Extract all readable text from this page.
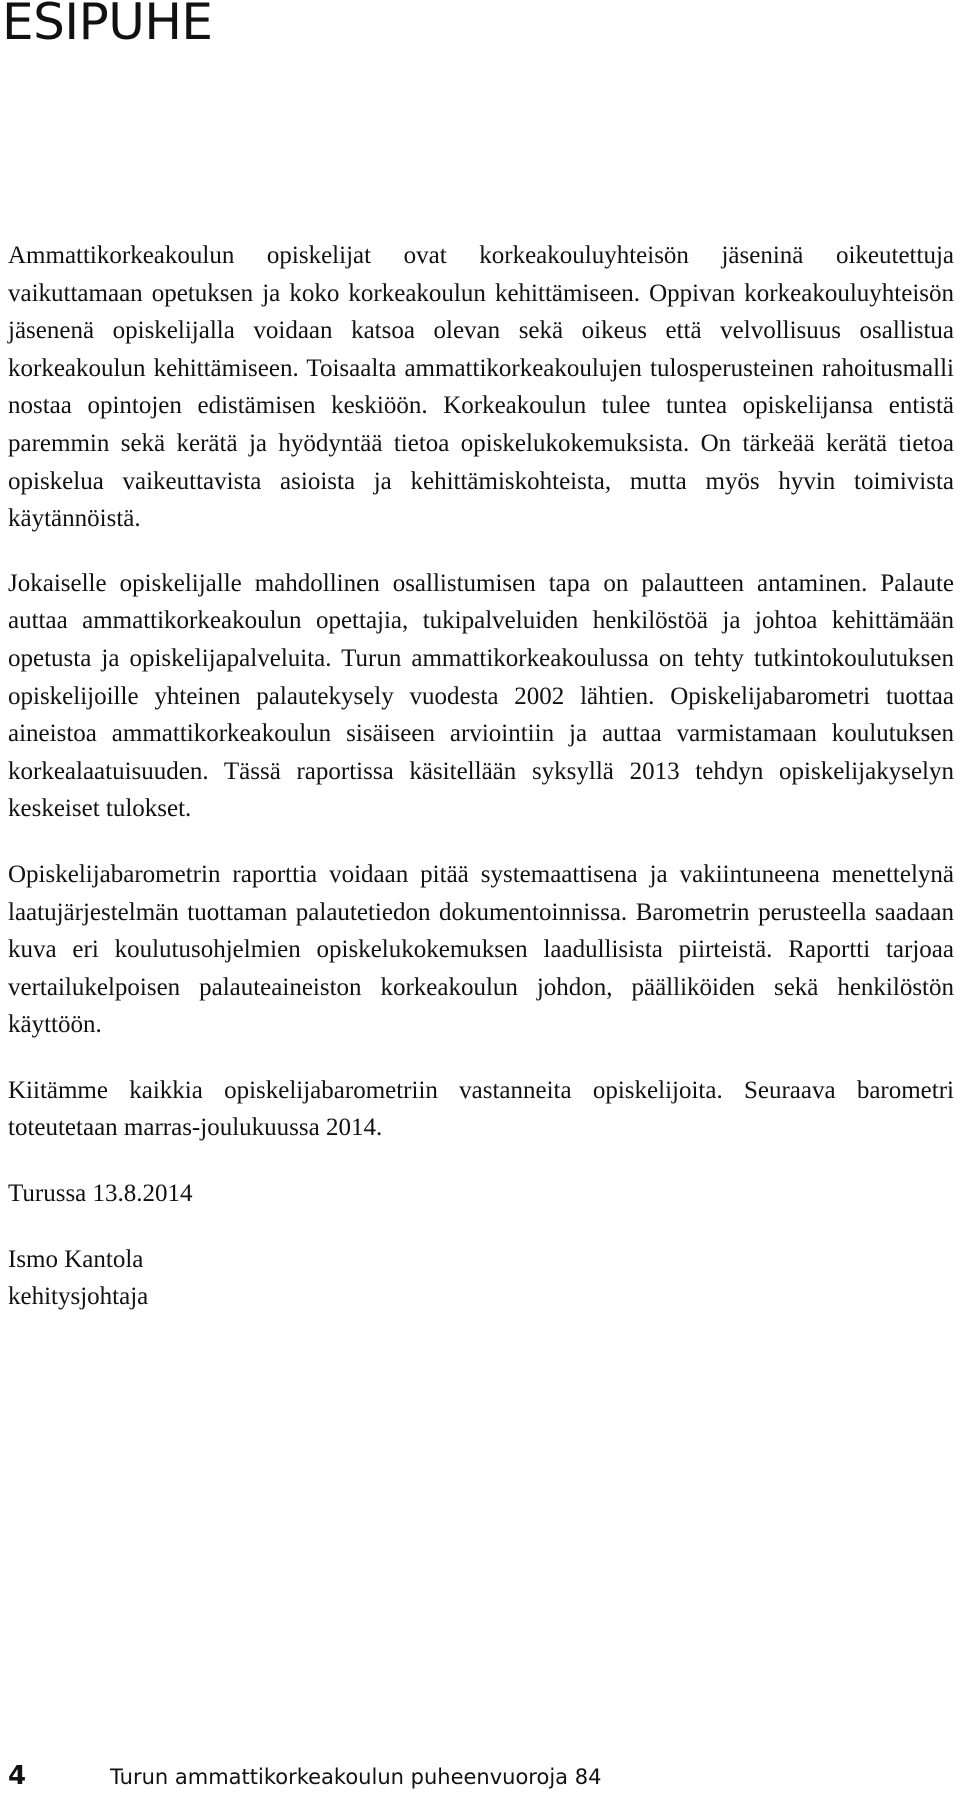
ESIPUHE

Ammattikorkeakoulun opiskelijat ovat korkeakouluyhteisön jäseninä oikeutettuja vaikuttamaan opetuksen ja koko korkeakoulun kehittämiseen. Oppivan korkeakouluyhteisön jäsenenä opiskelijalla voidaan katsoa olevan sekä oikeus että velvollisuus osallistua korkeakoulun kehittämiseen. Toisaalta ammattikorkeakoulujen tulosperusteinen rahoitusmalli nostaa opintojen edistämisen keskiöön. Korkeakoulun tulee tuntea opiskelijansa entistä paremmin sekä kerätä ja hyödyntää tietoa opiskelukokemuksista. On tärkeää kerätä tietoa opiskelua vaikeuttavista asioista ja kehittämiskohteista, mutta myös hyvin toimivista käytännöistä.

Jokaiselle opiskelijalle mahdollinen osallistumisen tapa on palautteen antaminen. Palaute auttaa ammattikorkeakoulun opettajia, tukipalveluiden henkilöstöä ja johtoa kehittämään opetusta ja opiskelijapalveluita. Turun ammattikorkeakoulussa on tehty tutkintokoulutuksen opiskelijoille yhteinen palautekysely vuodesta 2002 lähtien. Opiskelijabarometri tuottaa aineistoa ammattikorkeakoulun sisäiseen arviointiin ja auttaa varmistamaan koulutuksen korkealaatuisuuden. Tässä raportissa käsitellään syksyllä 2013 tehdyn opiskelijakyselyn keskeiset tulokset.

Opiskelijabarometrin raporttia voidaan pitää systemaattisena ja vakiintuneena menettelynä laatujärjestelmän tuottaman palautetiedon dokumentoinnissa. Barometrin perusteella saadaan kuva eri koulutusohjelmien opiskelukokemuksen laadullisista piirteistä. Raportti tarjoaa vertailukelpoisen palauteaineiston korkeakoulun johdon, päälliköiden sekä henkilöstön käyttöön.

Kiitämme kaikkia opiskelijabarometriin vastanneita opiskelijoita. Seuraava barometri toteutetaan marras-joulukuussa 2014.

Turussa 13.8.2014

Ismo Kantola

kehitysjohtaja

4	Turun ammattikorkeakoulun puheenvuoroja 84
